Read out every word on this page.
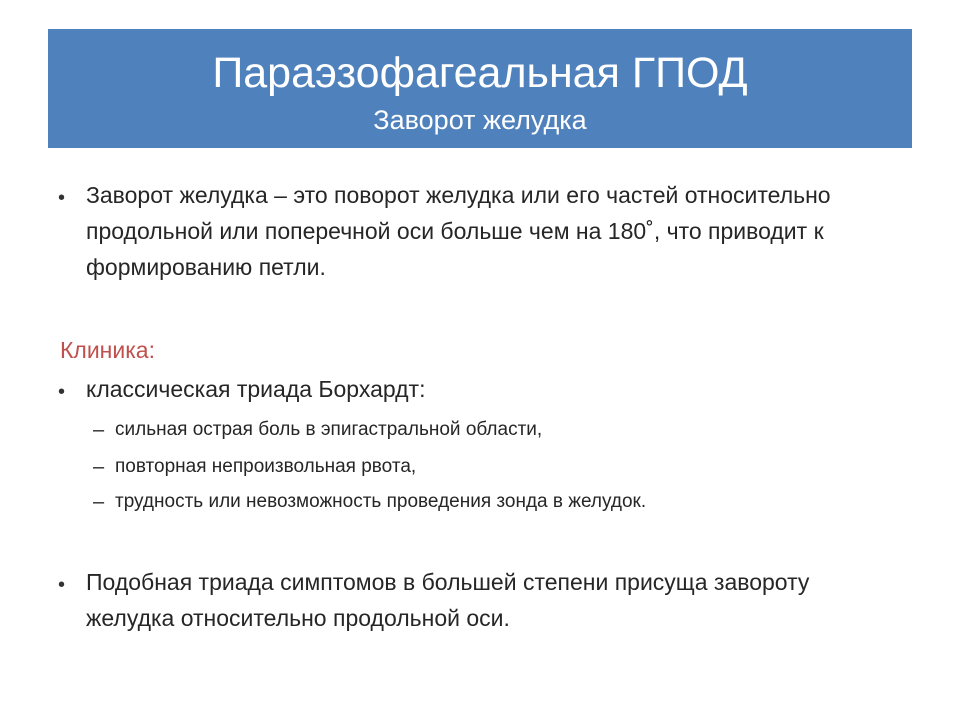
Параэзофагеальная ГПОД
Заворот желудка
• Заворот желудка – это поворот желудка или его частей относительно продольной или поперечной оси больше чем на 180˚, что приводит к формированию петли.
Клиника:
• классическая триада Борхардт:
– сильная острая боль в эпигастральной области,
– повторная непроизвольная рвота,
– трудность или невозможность проведения зонда в желудок.
• Подобная триада симптомов в большей степени присуща завороту желудка относительно продольной оси.
